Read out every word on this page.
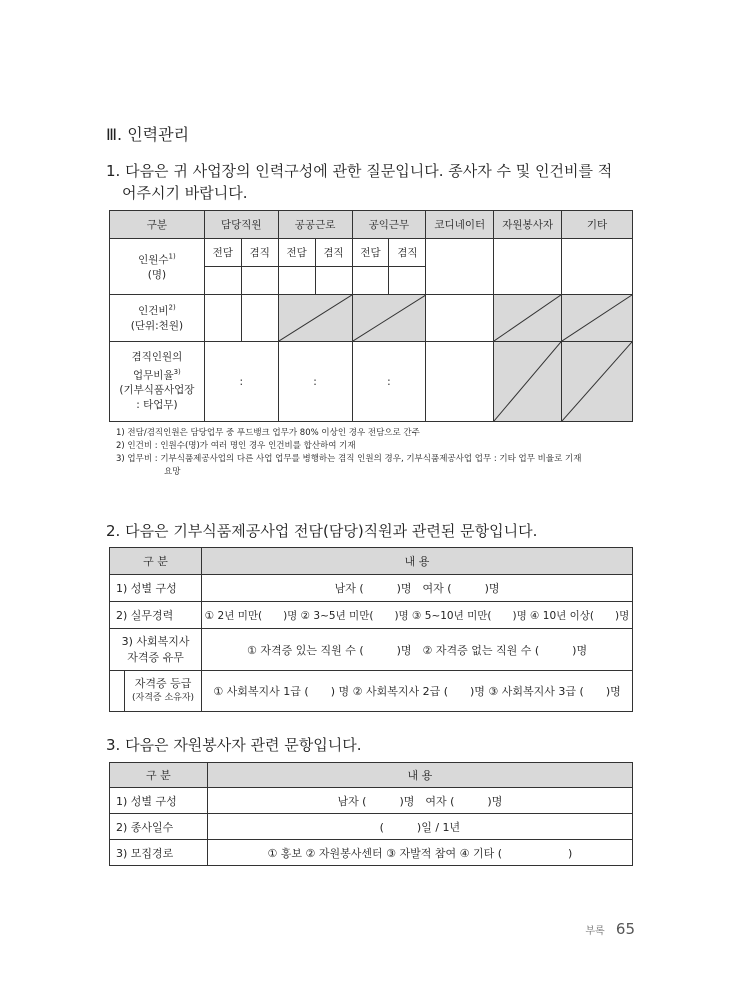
Ⅲ. 인력관리
1. 다음은 귀 사업장의 인력구성에 관한 질문입니다. 종사자 수 및 인건비를 적
어주시기 바랍니다.
구분	담당직원		공공근로		공익근무		코디네이터	자원봉사자	기타
인원수$^{1)}$
(명)	전담	겸직	전담	겸직	전담	겸직			

인건비$^{2)}$
(단위:천원)			

겸직인원의
업무비율$^{3)}$
(기부식품사업장
: 타업무)	:		:		:		

1) 전담/겸직인원은 담당업무 중 푸드뱅크 업무가 80% 이상인 경우 전담으로 간주
2) 인건비 : 인원수(명)가 여러 명인 경우 인건비를 합산하여 기재
3) 업무비 : 기부식품제공사업의 다른 사업 업무를 병행하는 겸직 인원의 경우, 기부식품제공사업 업무 : 기타 업무 비율로 기재
요망
2. 다음은 기부식품제공사업 전담(담당)직원과 관련된 문항입니다.
구 분	내 용
1) 성별 구성	남자 (　　　)명　여자 (　　　)명
2) 실무경력	① 2년 미만(　　)명 ② 3~5년 미만(　　)명 ③ 5~10년 미만(　　)명 ④ 10년 이상(　　)명
3) 사회복지사
자격증 유무	① 자격증 있는 직원 수 (　　　)명　② 자격증 없는 직원 수 (　　　)명

자격증 등급
(자격증 소유자)	① 사회복지사 1급 (　　) 명 ② 사회복지사 2급 (　　)명 ③ 사회복지사 3급 (　　)명
3. 다음은 자원봉사자 관련 문항입니다.
구 분	내 용
1) 성별 구성	남자 (　　　)명　여자 (　　　)명
2) 종사일수	(　　　)일 / 1년
3) 모집경로	① 홍보 ② 자원봉사센터 ③ 자발적 참여 ④ 기타 (　　　　　　)
부록 65
